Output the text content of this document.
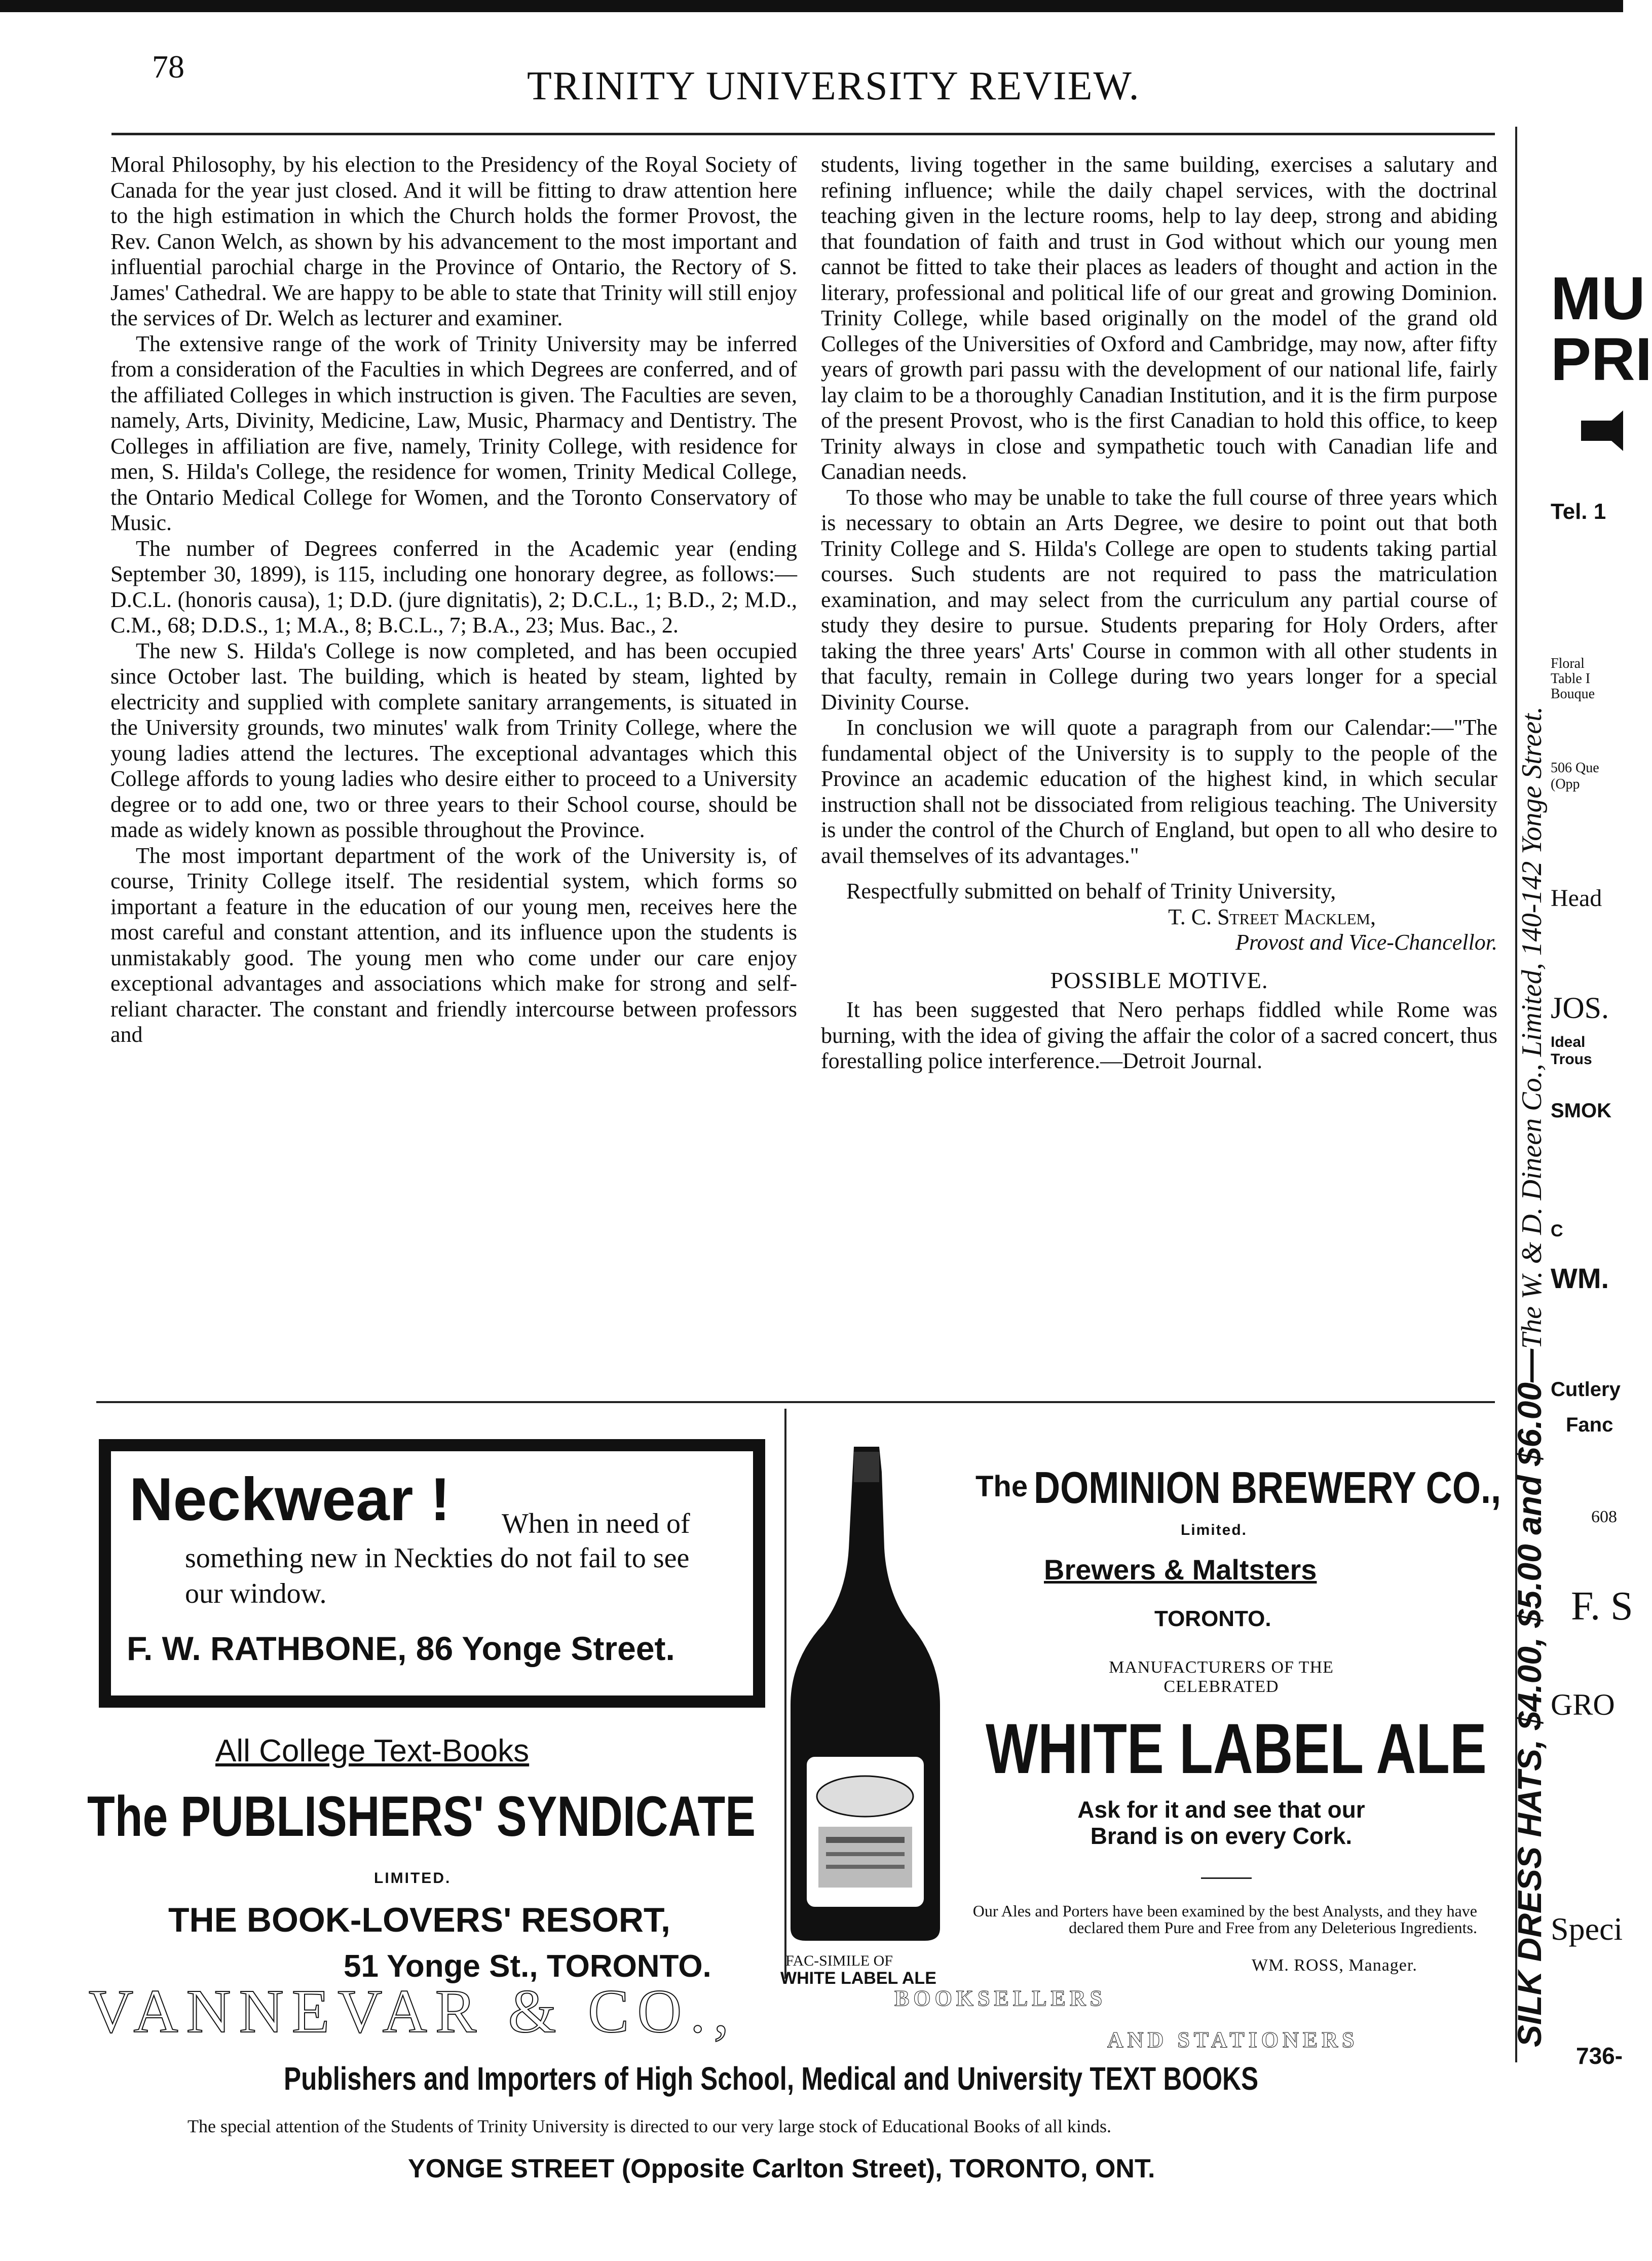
78	TRINITY UNIVERSITY REVIEW.

Moral Philosophy, by his election to the Presidency of the Royal Society of Canada for the year just closed. And it will be fitting to draw attention here to the high estimation in which the Church holds the former Provost, the Rev. Canon Welch, as shown by his advancement to the most important and influential parochial charge in the Province of Ontario, the Rectory of S. James' Cathedral. We are happy to be able to state that Trinity will still enjoy the services of Dr. Welch as lecturer and examiner.

The extensive range of the work of Trinity University may be inferred from a consideration of the Faculties in which Degrees are conferred, and of the affiliated Colleges in which instruction is given. The Faculties are seven, namely, Arts, Divinity, Medicine, Law, Music, Pharmacy and Dentistry. The Colleges in affiliation are five, namely, Trinity College, with residence for men, S. Hilda's College, the residence for women, Trinity Medical College, the Ontario Medical College for Women, and the Toronto Conservatory of Music.

The number of Degrees conferred in the Academic year (ending September 30, 1899), is 115, including one honorary degree, as follows:—D.C.L. (honoris causa), 1; D.D. (jure dignitatis), 2; D.C.L., 1; B.D., 2; M.D., C.M., 68; D.D.S., 1; M.A., 8; B.C.L., 7; B.A., 23; Mus. Bac., 2.

The new S. Hilda's College is now completed, and has been occupied since October last. The building, which is heated by steam, lighted by electricity and supplied with complete sanitary arrangements, is situated in the University grounds, two minutes' walk from Trinity College, where the young ladies attend the lectures. The exceptional advantages which this College affords to young ladies who desire either to proceed to a University degree or to add one, two or three years to their School course, should be made as widely known as possible throughout the Province.

The most important department of the work of the University is, of course, Trinity College itself. The residential system, which forms so important a feature in the education of our young men, receives here the most careful and constant attention, and its influence upon the students is unmistakably good. The young men who come under our care enjoy exceptional advantages and associations which make for strong and self-reliant character. The constant and friendly intercourse between professors and

students, living together in the same building, exercises a salutary and refining influence; while the daily chapel services, with the doctrinal teaching given in the lecture rooms, help to lay deep, strong and abiding that foundation of faith and trust in God without which our young men cannot be fitted to take their places as leaders of thought and action in the literary, professional and political life of our great and growing Dominion. Trinity College, while based originally on the model of the grand old Colleges of the Universities of Oxford and Cambridge, may now, after fifty years of growth pari passu with the development of our national life, fairly lay claim to be a thoroughly Canadian Institution, and it is the firm purpose of the present Provost, who is the first Canadian to hold this office, to keep Trinity always in close and sympathetic touch with Canadian life and Canadian needs.

To those who may be unable to take the full course of three years which is necessary to obtain an Arts Degree, we desire to point out that both Trinity College and S. Hilda's College are open to students taking partial courses. Such students are not required to pass the matriculation examination, and may select from the curriculum any partial course of study they desire to pursue. Students preparing for Holy Orders, after taking the three years' Arts' Course in common with all other students in that faculty, remain in College during two years longer for a special Divinity Course.

In conclusion we will quote a paragraph from our Calendar:—"The fundamental object of the University is to supply to the people of the Province an academic education of the highest kind, in which secular instruction shall not be dissociated from religious teaching. The University is under the control of the Church of England, but open to all who desire to avail themselves of its advantages."

Respectfully submitted on behalf of Trinity University,

T. C. Street Macklem,

Provost and Vice-Chancellor.

POSSIBLE MOTIVE.

It has been suggested that Nero perhaps fiddled while Rome was burning, with the idea of giving the affair the color of a sacred concert, thus forestalling police interference.—Detroit Journal.

Neckwear ! When in need of
something new in Neckties do not fail to see our window.
F. W. RATHBONE, 86 Yonge Street.
All College Text-Books
The PUBLISHERS' SYNDICATE
LIMITED.
THE BOOK-LOVERS' RESORT,
51 Yonge St., TORONTO.	FAC-SIMILE OF
WHITE LABEL ALE
The DOMINION BREWERY CO.,
Limited.
Brewers & Maltsters
TORONTO.
MANUFACTURERS OF THE CELEBRATED
WHITE LABEL ALE
Ask for it and see that our Brand is on every Cork.
Our Ales and Porters have been examined by the best Analysts, and they have declared them Pure and Free from any Deleterious Ingredients.
WM. ROSS, Manager.
VANNEVAR & CO.,	BOOKSELLERS
AND STATIONERS
Publishers and Importers of High School, Medical and University TEXT BOOKS
The special attention of the Students of Trinity University is directed to our very large stock of Educational Books of all kinds.
YONGE STREET (Opposite Carlton Street), TORONTO, ONT.
SILK DRESS HATS, $4.00, $5.00 and $6.00—The W. & D. Dineen Co., Limited, 140-142 Yonge Street.
MU
PRI
Tel. 1
Floral
Table I
Bouque
506 Que
(Opp
Head
JOS.
Ideal
Trous
SMOK
C
WM.
Cutlery
Fanc
608
F. S
GRO
Speci
736-
